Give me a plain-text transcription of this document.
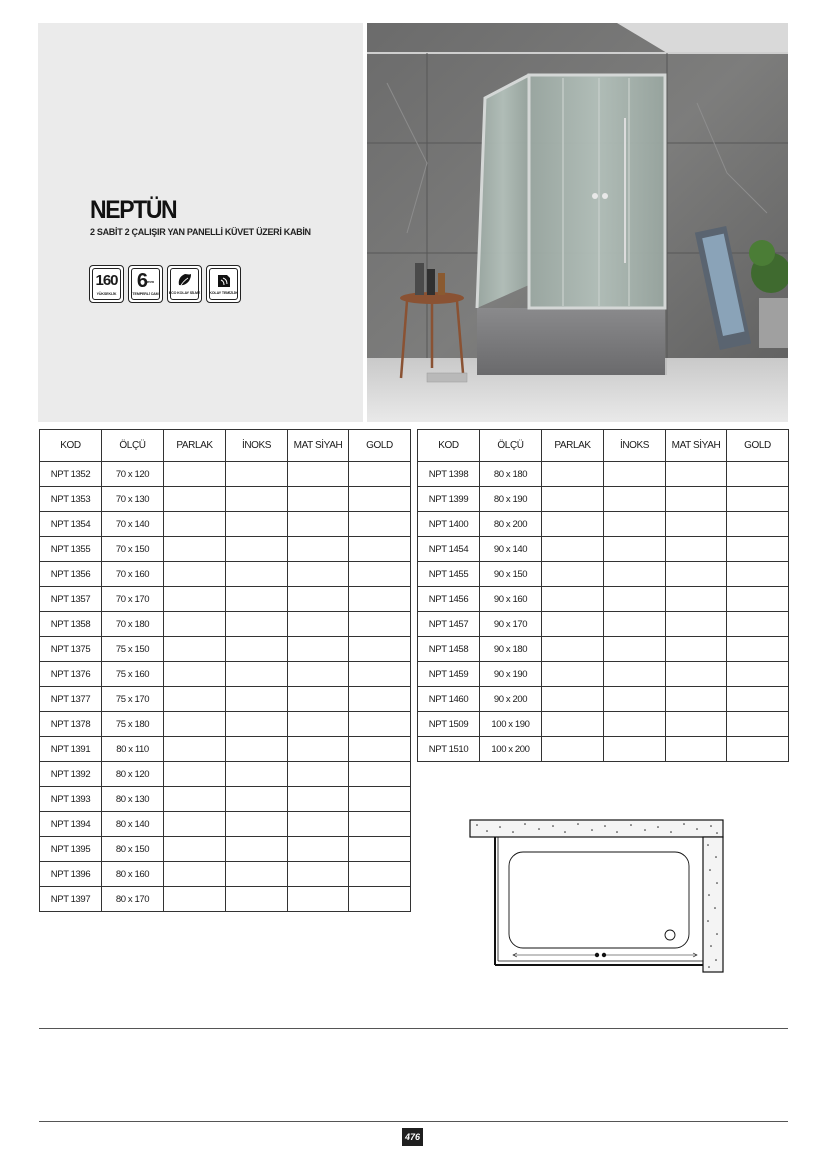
NEPTÜN
2 SABİT 2 ÇALIŞIR YAN PANELLİ KÜVET ÜZERİ KABİN
160
YÜKSEKLİK
6 mm
TEMPERLİ CAM	ECO KOLAY SİLME	KOLAY TEMİZLİK
KOD	ÖLÇÜ	PARLAK	İNOKS	MAT SİYAH	GOLD
NPT 1352	70 x 120				
NPT 1353	70 x 130				
NPT 1354	70 x 140				
NPT 1355	70 x 150				
NPT 1356	70 x 160				
NPT 1357	70 x 170				
NPT 1358	70 x 180				
NPT 1375	75 x 150				
NPT 1376	75 x 160				
NPT 1377	75 x 170				
NPT 1378	75 x 180				
NPT 1391	80 x 110				
NPT 1392	80 x 120				
NPT 1393	80 x 130				
NPT 1394	80 x 140				
NPT 1395	80 x 150				
NPT 1396	80 x 160				
NPT 1397	80 x 170				
KOD	ÖLÇÜ	PARLAK	İNOKS	MAT SİYAH	GOLD
NPT 1398	80 x 180				
NPT 1399	80 x 190				
NPT 1400	80 x 200				
NPT 1454	90 x 140				
NPT 1455	90 x 150				
NPT 1456	90 x 160				
NPT 1457	90 x 170				
NPT 1458	90 x 180				
NPT 1459	90 x 190				
NPT 1460	90 x 200				
NPT 1509	100 x 190				
NPT 1510	100 x 200				
476
